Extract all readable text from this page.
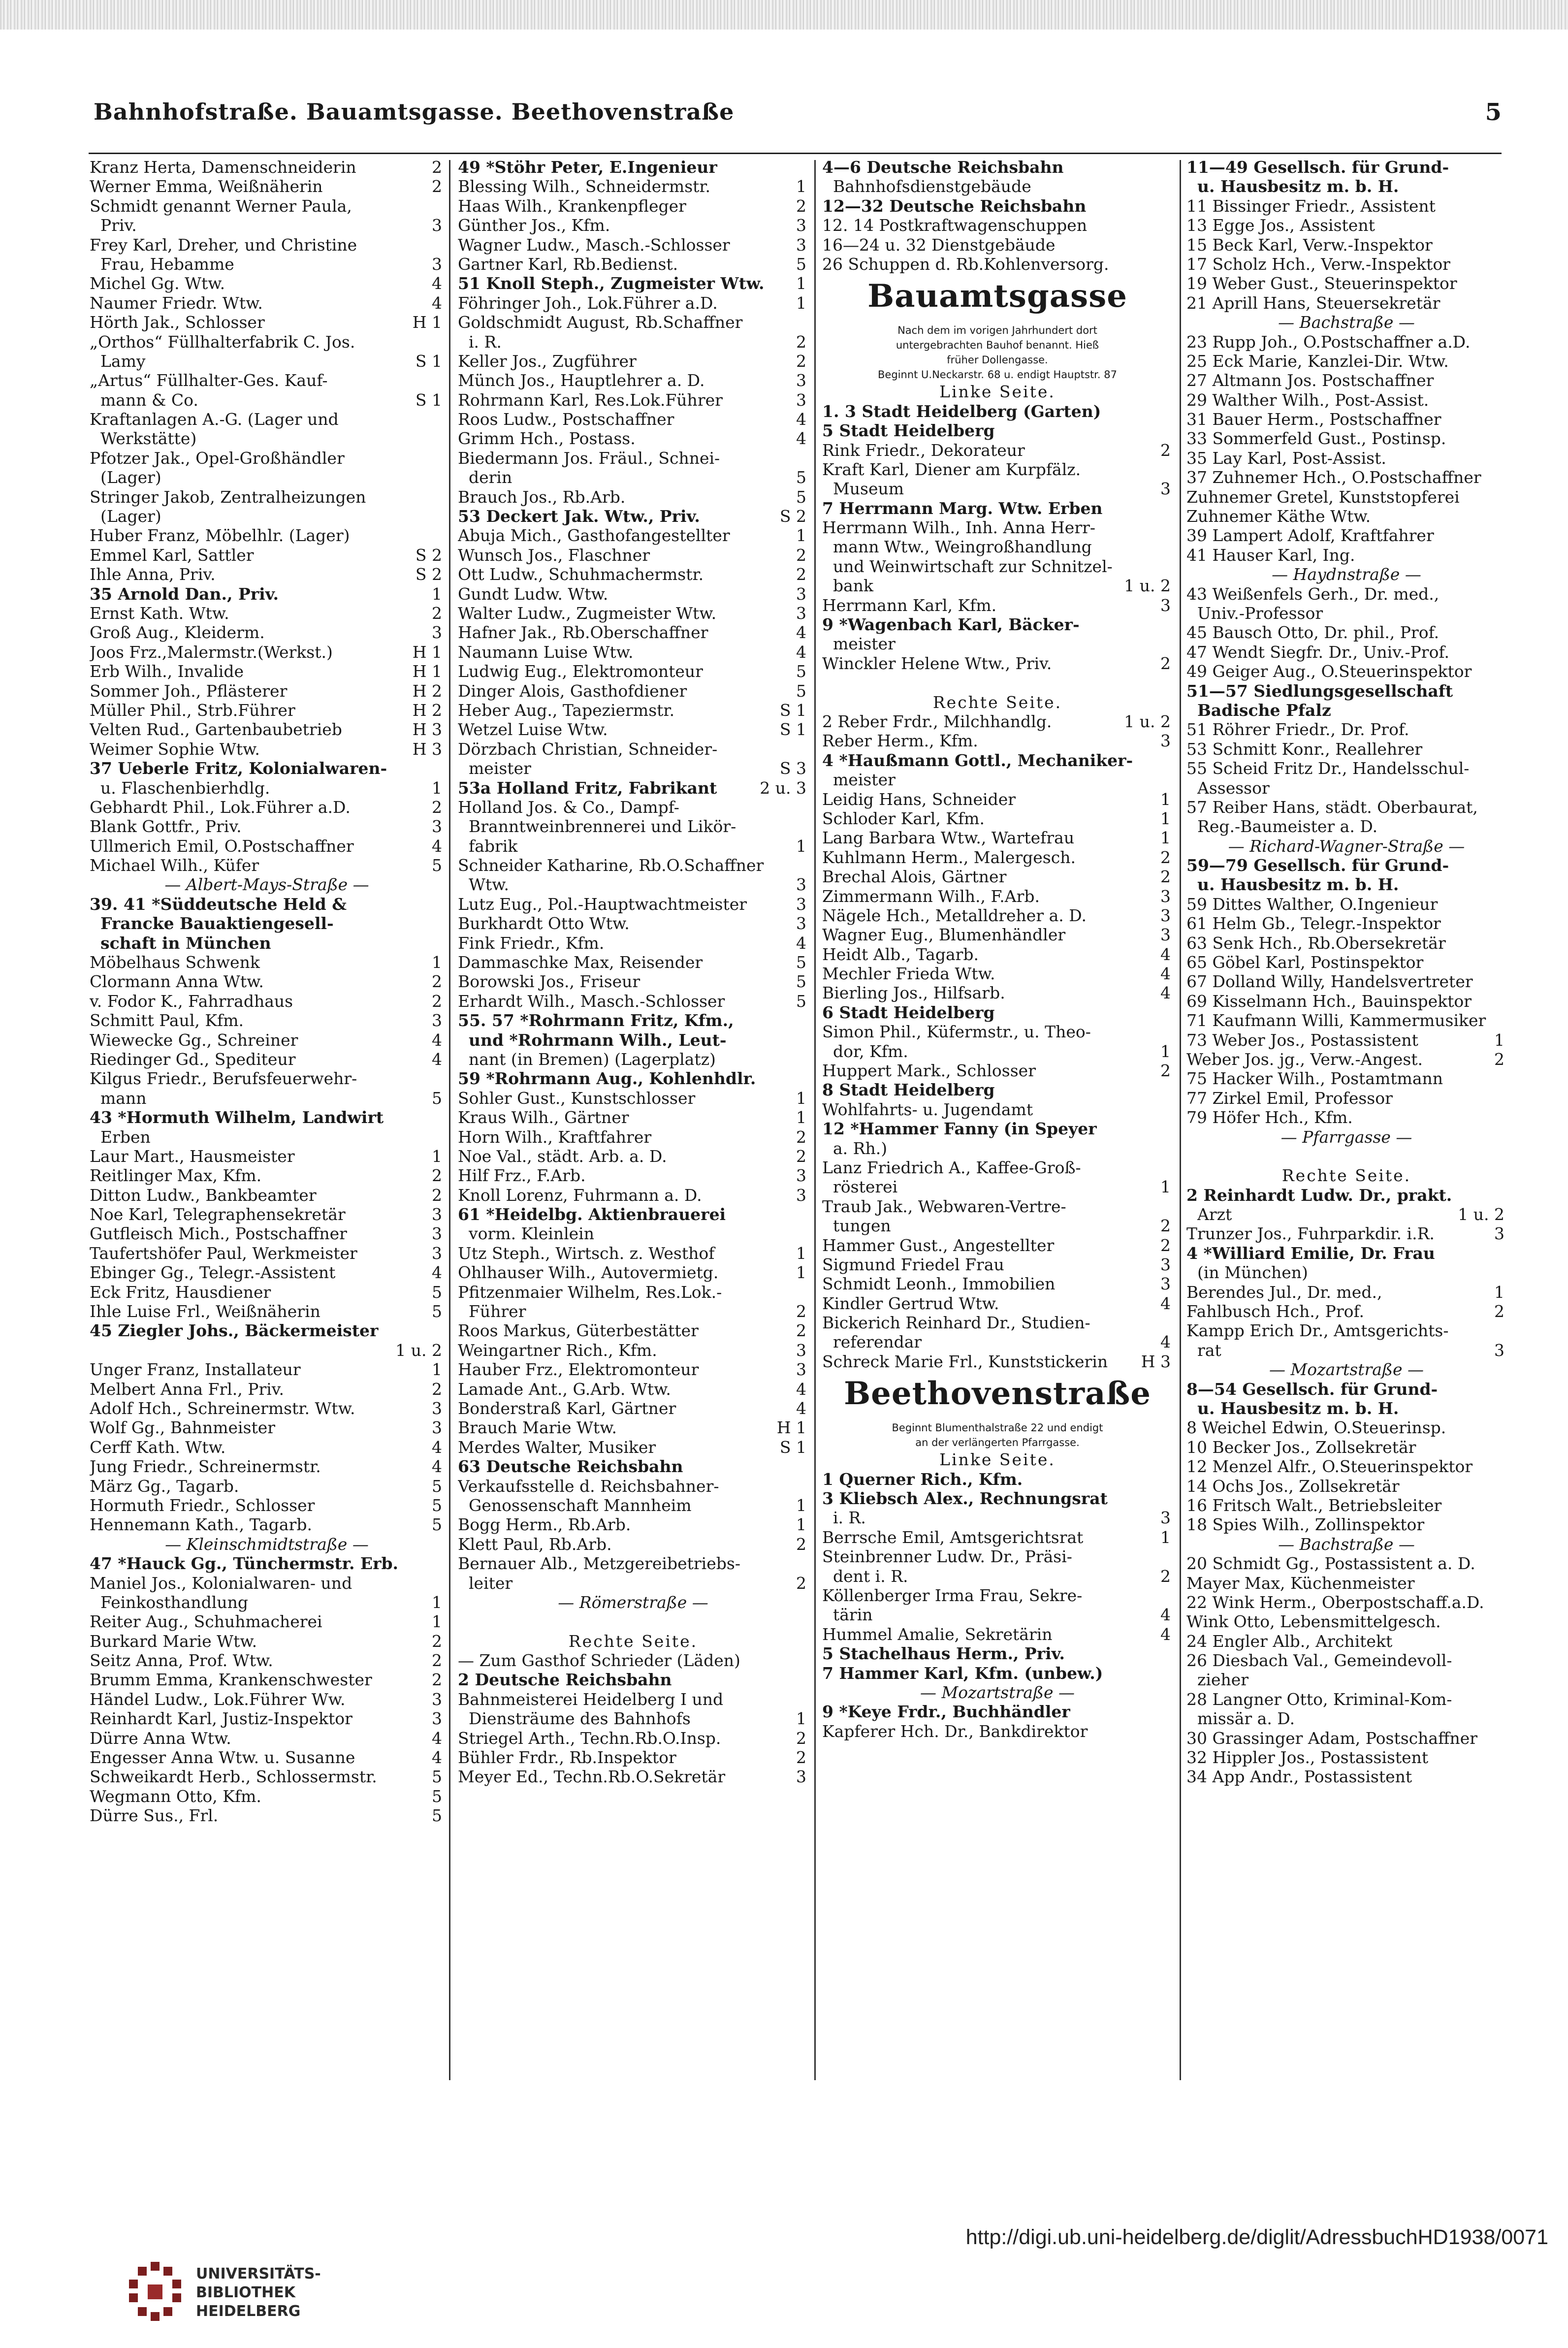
Bahnhofstraße. Bauamtsgasse. Beethovenstraße	5
Kranz Herta, Damenschneiderin	2
Werner Emma, Weißnäherin	2
Schmidt genannt Werner Paula,
Priv.	3
Frey Karl, Dreher, und Christine
Frau, Hebamme	3
Michel Gg. Wtw.	4
Naumer Friedr. Wtw.	4
Hörth Jak., Schlosser	H 1
„Orthos“ Füllhalterfabrik C. Jos.
Lamy	S 1
„Artus“ Füllhalter-Ges. Kauf-
mann & Co.	S 1
Kraftanlagen A.-G. (Lager und
Werkstätte)
Pfotzer Jak., Opel-Großhändler
(Lager)
Stringer Jakob, Zentralheizungen
(Lager)
Huber Franz, Möbelhlr. (Lager)
Emmel Karl, Sattler	S 2
Ihle Anna, Priv.	S 2
35 Arnold Dan., Priv.	1
Ernst Kath. Wtw.	2
Groß Aug., Kleiderm.	3
Joos Frz.,Malermstr.(Werkst.)	H 1
Erb Wilh., Invalide	H 1
Sommer Joh., Pflästerer	H 2
Müller Phil., Strb.Führer	H 2
Velten Rud., Gartenbaubetrieb	H 3
Weimer Sophie Wtw.	H 3
37 Ueberle Fritz, Kolonialwaren-
u. Flaschenbierhdlg.	1
Gebhardt Phil., Lok.Führer a.D.	2
Blank Gottfr., Priv.	3
Ullmerich Emil, O.Postschaffner	4
Michael Wilh., Küfer	5
— Albert-Mays-Straße —
39. 41 *Süddeutsche Held &
Francke Bauaktiengesell-
schaft in München
Möbelhaus Schwenk	1
Clormann Anna Wtw.	2
v. Fodor K., Fahrradhaus	2
Schmitt Paul, Kfm.	3
Wiewecke Gg., Schreiner	4
Riedinger Gd., Spediteur	4
Kilgus Friedr., Berufsfeuerwehr-
mann	5
43 *Hormuth Wilhelm, Landwirt
Erben
Laur Mart., Hausmeister	1
Reitlinger Max, Kfm.	2
Ditton Ludw., Bankbeamter	2
Noe Karl, Telegraphensekretär	3
Gutfleisch Mich., Postschaffner	3
Taufertshöfer Paul, Werkmeister	3
Ebinger Gg., Telegr.-Assistent	4
Eck Fritz, Hausdiener	5
Ihle Luise Frl., Weißnäherin	5
45 Ziegler Johs., Bäckermeister
1 u. 2
Unger Franz, Installateur	1
Melbert Anna Frl., Priv.	2
Adolf Hch., Schreinermstr. Wtw.	3
Wolf Gg., Bahnmeister	3
Cerff Kath. Wtw.	4
Jung Friedr., Schreinermstr.	4
März Gg., Tagarb.	5
Hormuth Friedr., Schlosser	5
Hennemann Kath., Tagarb.	5
— Kleinschmidtstraße —
47 *Hauck Gg., Tünchermstr. Erb.
Maniel Jos., Kolonialwaren- und
Feinkosthandlung	1
Reiter Aug., Schuhmacherei	1
Burkard Marie Wtw.	2
Seitz Anna, Prof. Wtw.	2
Brumm Emma, Krankenschwester	2
Händel Ludw., Lok.Führer Ww.	3
Reinhardt Karl, Justiz-Inspektor	3
Dürre Anna Wtw.	4
Engesser Anna Wtw. u. Susanne	4
Schweikardt Herb., Schlossermstr.	5
Wegmann Otto, Kfm.	5
Dürre Sus., Frl.	5
49 *Stöhr Peter, E.Ingenieur
Blessing Wilh., Schneidermstr.	1
Haas Wilh., Krankenpfleger	2
Günther Jos., Kfm.	3
Wagner Ludw., Masch.-Schlosser	3
Gartner Karl, Rb.Bedienst.	5
51 Knoll Steph., Zugmeister Wtw. 1
Föhringer Joh., Lok.Führer a.D.	1
Goldschmidt August, Rb.Schaffner
i. R.	2
Keller Jos., Zugführer	2
Münch Jos., Hauptlehrer a. D.	3
Rohrmann Karl, Res.Lok.Führer	3
Roos Ludw., Postschaffner	4
Grimm Hch., Postass.	4
Biedermann Jos. Fräul., Schnei-
derin	5
Brauch Jos., Rb.Arb.	5
53 Deckert Jak. Wtw., Priv.	S 2
Abuja Mich., Gasthofangestellter	1
Wunsch Jos., Flaschner	2
Ott Ludw., Schuhmachermstr.	2
Gundt Ludw. Wtw.	3
Walter Ludw., Zugmeister Wtw.	3
Hafner Jak., Rb.Oberschaffner	4
Naumann Luise Wtw.	4
Ludwig Eug., Elektromonteur	5
Dinger Alois, Gasthofdiener	5
Heber Aug., Tapeziermstr.	S 1
Wetzel Luise Wtw.	S 1
Dörzbach Christian, Schneider-
meister	S 3
53a Holland Fritz, Fabrikant	2 u. 3
Holland Jos. & Co., Dampf-
Branntweinbrennerei und Likör-
fabrik	1
Schneider Katharine, Rb.O.Schaffner
Wtw.	3
Lutz Eug., Pol.-Hauptwachtmeister	3
Burkhardt Otto Wtw.	3
Fink Friedr., Kfm.	4
Dammaschke Max, Reisender	5
Borowski Jos., Friseur	5
Erhardt Wilh., Masch.-Schlosser	5
55. 57 *Rohrmann Fritz, Kfm.,
und *Rohrmann Wilh., Leut-
nant (in Bremen) (Lagerplatz)
59 *Rohrmann Aug., Kohlenhdlr.
Sohler Gust., Kunstschlosser	1
Kraus Wilh., Gärtner	1
Horn Wilh., Kraftfahrer	2
Noe Val., städt. Arb. a. D.	2
Hilf Frz., F.Arb.	3
Knoll Lorenz, Fuhrmann a. D.	3
61 *Heidelbg. Aktienbrauerei
vorm. Kleinlein
Utz Steph., Wirtsch. z. Westhof	1
Ohlhauser Wilh., Autovermietg.	1
Pfitzenmaier Wilhelm, Res.Lok.-
Führer	2
Roos Markus, Güterbestätter	2
Weingartner Rich., Kfm.	3
Hauber Frz., Elektromonteur	3
Lamade Ant., G.Arb. Wtw.	4
Bonderstraß Karl, Gärtner	4
Brauch Marie Wtw.	H 1
Merdes Walter, Musiker	S 1
63 Deutsche Reichsbahn
Verkaufsstelle d. Reichsbahner-
Genossenschaft Mannheim	1
Bogg Herm., Rb.Arb.	1
Klett Paul, Rb.Arb.	2
Bernauer Alb., Metzgereibetriebs-
leiter	2
— Römerstraße —
Rechte Seite.
— Zum Gasthof Schrieder (Läden)
2 Deutsche Reichsbahn
Bahnmeisterei Heidelberg I und
Diensträume des Bahnhofs	1
Striegel Arth., Techn.Rb.O.Insp.	2
Bühler Frdr., Rb.Inspektor	2
Meyer Ed., Techn.Rb.O.Sekretär	3
4—6 Deutsche Reichsbahn
Bahnhofsdienstgebäude
12—32 Deutsche Reichsbahn
12. 14 Postkraftwagenschuppen
16—24 u. 32 Dienstgebäude
26 Schuppen d. Rb.Kohlenversorg.
Bauamtsgasse
Nach dem im vorigen Jahrhundert dort
untergebrachten Bauhof benannt. Hieß
früher Dollengasse.
Beginnt U.Neckarstr. 68 u. endigt Hauptstr. 87
Linke Seite.
1. 3 Stadt Heidelberg (Garten)
5 Stadt Heidelberg
Rink Friedr., Dekorateur	2
Kraft Karl, Diener am Kurpfälz.
Museum	3
7 Herrmann Marg. Wtw. Erben
Herrmann Wilh., Inh. Anna Herr-
mann Wtw., Weingroßhandlung
und Weinwirtschaft zur Schnitzel-
bank	1 u. 2
Herrmann Karl, Kfm.	3
9 *Wagenbach Karl, Bäcker-
meister
Winckler Helene Wtw., Priv.	2
Rechte Seite.
2 Reber Frdr., Milchhandlg.	1 u. 2
Reber Herm., Kfm.	3
4 *Haußmann Gottl., Mechaniker-
meister
Leidig Hans, Schneider	1
Schloder Karl, Kfm.	1
Lang Barbara Wtw., Wartefrau	1
Kuhlmann Herm., Malergesch.	2
Brechal Alois, Gärtner	2
Zimmermann Wilh., F.Arb.	3
Nägele Hch., Metalldreher a. D.	3
Wagner Eug., Blumenhändler	3
Heidt Alb., Tagarb.	4
Mechler Frieda Wtw.	4
Bierling Jos., Hilfsarb.	4
6 Stadt Heidelberg
Simon Phil., Küfermstr., u. Theo-
dor, Kfm.	1
Huppert Mark., Schlosser	2
8 Stadt Heidelberg
Wohlfahrts- u. Jugendamt
12 *Hammer Fanny (in Speyer
a. Rh.)
Lanz Friedrich A., Kaffee-Groß-
rösterei	1
Traub Jak., Webwaren-Vertre-
tungen	2
Hammer Gust., Angestellter	2
Sigmund Friedel Frau	3
Schmidt Leonh., Immobilien	3
Kindler Gertrud Wtw.	4
Bickerich Reinhard Dr., Studien-
referendar	4
Schreck Marie Frl., Kunststickerin H 3
Beethovenstraße
Beginnt Blumenthalstraße 22 und endigt
an der verlängerten Pfarrgasse.
Linke Seite.
1 Querner Rich., Kfm.
3 Kliebsch Alex., Rechnungsrat
i. R.	3
Berrsche Emil, Amtsgerichtsrat	1
Steinbrenner Ludw. Dr., Präsi-
dent i. R.	2
Köllenberger Irma Frau, Sekre-
tärin	4
Hummel Amalie, Sekretärin	4
5 Stachelhaus Herm., Priv.
7 Hammer Karl, Kfm. (unbew.)
— Mozartstraße —
9 *Keye Frdr., Buchhändler
Kapferer Hch. Dr., Bankdirektor
11—49 Gesellsch. für Grund-
u. Hausbesitz m. b. H.
11 Bissinger Friedr., Assistent
13 Egge Jos., Assistent
15 Beck Karl, Verw.-Inspektor
17 Scholz Hch., Verw.-Inspektor
19 Weber Gust., Steuerinspektor
21 Aprill Hans, Steuersekretär
— Bachstraße —
23 Rupp Joh., O.Postschaffner a.D.
25 Eck Marie, Kanzlei-Dir. Wtw.
27 Altmann Jos. Postschaffner
29 Walther Wilh., Post-Assist.
31 Bauer Herm., Postschaffner
33 Sommerfeld Gust., Postinsp.
35 Lay Karl, Post-Assist.
37 Zuhnemer Hch., O.Postschaffner
Zuhnemer Gretel, Kunststopferei
Zuhnemer Käthe Wtw.
39 Lampert Adolf, Kraftfahrer
41 Hauser Karl, Ing.
— Haydnstraße —
43 Weißenfels Gerh., Dr. med.,
Univ.-Professor
45 Bausch Otto, Dr. phil., Prof.
47 Wendt Siegfr. Dr., Univ.-Prof.
49 Geiger Aug., O.Steuerinspektor
51—57 Siedlungsgesellschaft
Badische Pfalz
51 Röhrer Friedr., Dr. Prof.
53 Schmitt Konr., Reallehrer
55 Scheid Fritz Dr., Handelsschul-
Assessor
57 Reiber Hans, städt. Oberbaurat,
Reg.-Baumeister a. D.
— Richard-Wagner-Straße —
59—79 Gesellsch. für Grund-
u. Hausbesitz m. b. H.
59 Dittes Walther, O.Ingenieur
61 Helm Gb., Telegr.-Inspektor
63 Senk Hch., Rb.Obersekretär
65 Göbel Karl, Postinspektor
67 Dolland Willy, Handelsvertreter
69 Kisselmann Hch., Bauinspektor
71 Kaufmann Willi, Kammermusiker
73 Weber Jos., Postassistent	1
Weber Jos. jg., Verw.-Angest.	2
75 Hacker Wilh., Postamtmann
77 Zirkel Emil, Professor
79 Höfer Hch., Kfm.
— Pfarrgasse —
Rechte Seite.
2 Reinhardt Ludw. Dr., prakt.
Arzt	1 u. 2
Trunzer Jos., Fuhrparkdir. i.R.	3
4 *Williard Emilie, Dr. Frau
(in München)
Berendes Jul., Dr. med.,	1
Fahlbusch Hch., Prof.	2
Kampp Erich Dr., Amtsgerichts-
rat	3
— Mozartstraße —
8—54 Gesellsch. für Grund-
u. Hausbesitz m. b. H.
8 Weichel Edwin, O.Steuerinsp.
10 Becker Jos., Zollsekretär
12 Menzel Alfr., O.Steuerinspektor
14 Ochs Jos., Zollsekretär
16 Fritsch Walt., Betriebsleiter
18 Spies Wilh., Zollinspektor
— Bachstraße —
20 Schmidt Gg., Postassistent a. D.
Mayer Max, Küchenmeister
22 Wink Herm., Oberpostschaff.a.D.
Wink Otto, Lebensmittelgesch.
24 Engler Alb., Architekt
26 Diesbach Val., Gemeindevoll-
zieher
28 Langner Otto, Kriminal-Kom-
missär a. D.
30 Grassinger Adam, Postschaffner
32 Hippler Jos., Postassistent
34 App Andr., Postassistent
UNIVERSITÄTS-
BIBLIOTHEK
HEIDELBERG
http://digi.ub.uni-heidelberg.de/diglit/AdressbuchHD1938/0071
